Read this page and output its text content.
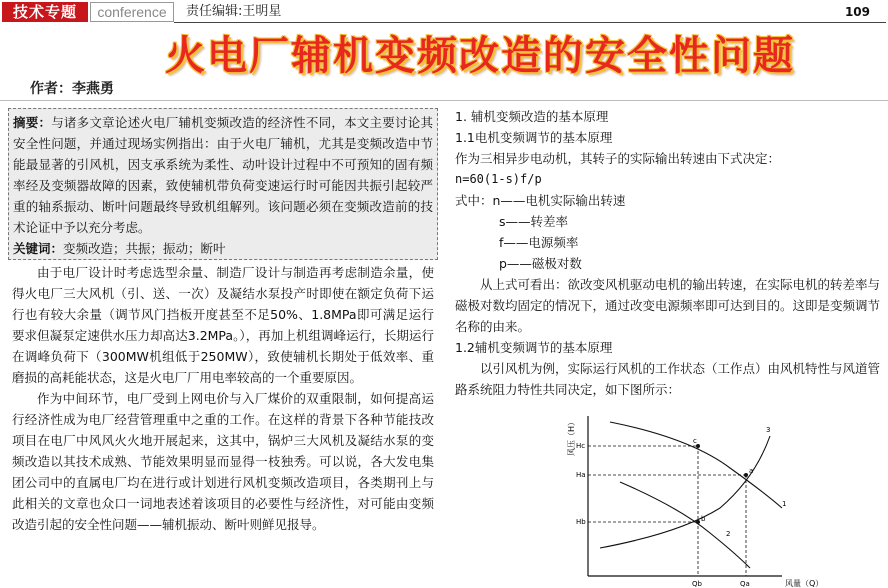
技术专题	conference	责任编辑:王明星	109
火电厂辅机变频改造的安全性问题
作者：李燕勇

摘要：与诸多文章论述火电厂辅机变频改造的经济性不同，本文主要讨论其安全性问题，并通过现场实例指出：由于火电厂辅机，尤其是变频改造中节能最显著的引风机，因支承系统为柔性、动叶设计过程中不可预知的固有频率经及变频器故障的因素，致使辅机带负荷变速运行时可能因共振引起较严重的轴系振动、断叶问题最终导致机组解列。该问题必须在变频改造前的技术论证中予以充分考虑。

关键词：变频改造；共振；振动；断叶

由于电厂设计时考虑选型余量、制造厂设计与制造再考虑制造余量，使得火电厂三大风机（引、送、一次）及凝结水泵投产时即使在额定负荷下运行也有较大余量（调节风门挡板开度甚至不足50%、1.8MPa即可满足运行要求但凝泵定速供水压力却高达3.2MPa。），再加上机组调峰运行，长期运行在调峰负荷下（300MW机组低于250MW），致使辅机长期处于低效率、重磨损的高耗能状态，这是火电厂厂用电率较高的一个重要原因。

作为中间环节，电厂受到上网电价与入厂煤价的双重限制，如何提高运行经济性成为电厂经营管理重中之重的工作。在这样的背景下各种节能技改项目在电厂中风风火火地开展起来，这其中，锅炉三大风机及凝结水泵的变频改造以其技术成熟、节能效果明显而显得一枝独秀。可以说，各大发电集团公司中的直属电厂均在进行或计划进行风机变频改造项目，各类期刊上与此相关的文章也众口一词地表述着该项目的必要性与经济性，对可能由变频改造引起的安全性问题——辅机振动、断叶则鲜见报导。

1. 辅机变频改造的基本原理

1.1电机变频调节的基本原理

作为三相异步电动机，其转子的实际输出转速由下式决定：

n=60(1-s)f/p

式中：n——电机实际输出转速

s——转差率

f——电源频率

p——磁极对数

从上式可看出：欲改变风机驱动电机的输出转速，在实际电机的转差率与磁极对数均固定的情况下，通过改变电源频率即可达到目的。这即是变频调节名称的由来。

1.2辅机变频调节的基本原理

以引风机为例，实际运行风机的工作状态（工作点）由风机特性与风道管路系统阻力特性共同决定，如下图所示：

风压（H）
风量（Q）
Hc
Ha
Hb
Qb	Qa
c
a
b
1
2
3
